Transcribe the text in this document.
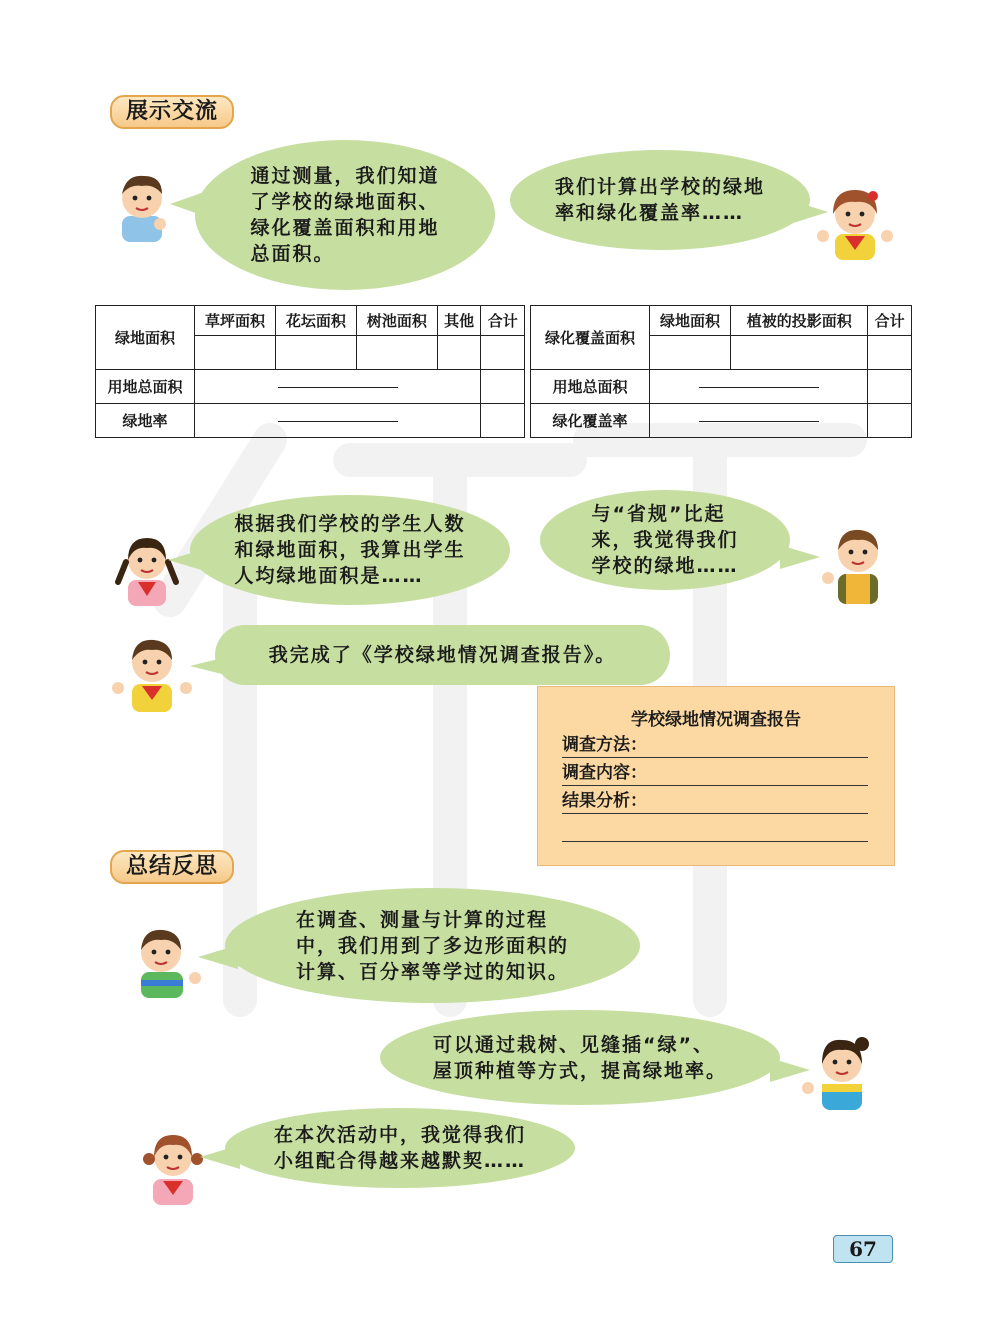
展示交流
通过测量，我们知道
了学校的绿地面积、
绿化覆盖面积和用地
总面积。
我们计算出学校的绿地
率和绿化覆盖率……
绿地面积	草坪面积	花坛面积	树池面积	其他	合计

用地总面积					
绿地率					
绿化覆盖面积	绿地面积	植被的投影面积	合计

用地总面积			
绿化覆盖率			
根据我们学校的学生人数
和绿地面积，我算出学生
人均绿地面积是……
与“省规”比起
来，我觉得我们
学校的绿地……
我完成了《学校绿地情况调查报告》。
学校绿地情况调查报告
调查方法：
调查内容：
结果分析：
总结反思
在调查、测量与计算的过程
中，我们用到了多边形面积的
计算、百分率等学过的知识。
可以通过栽树、见缝插“绿”、
屋顶种植等方式，提高绿地率。
在本次活动中，我觉得我们
小组配合得越来越默契……
67
